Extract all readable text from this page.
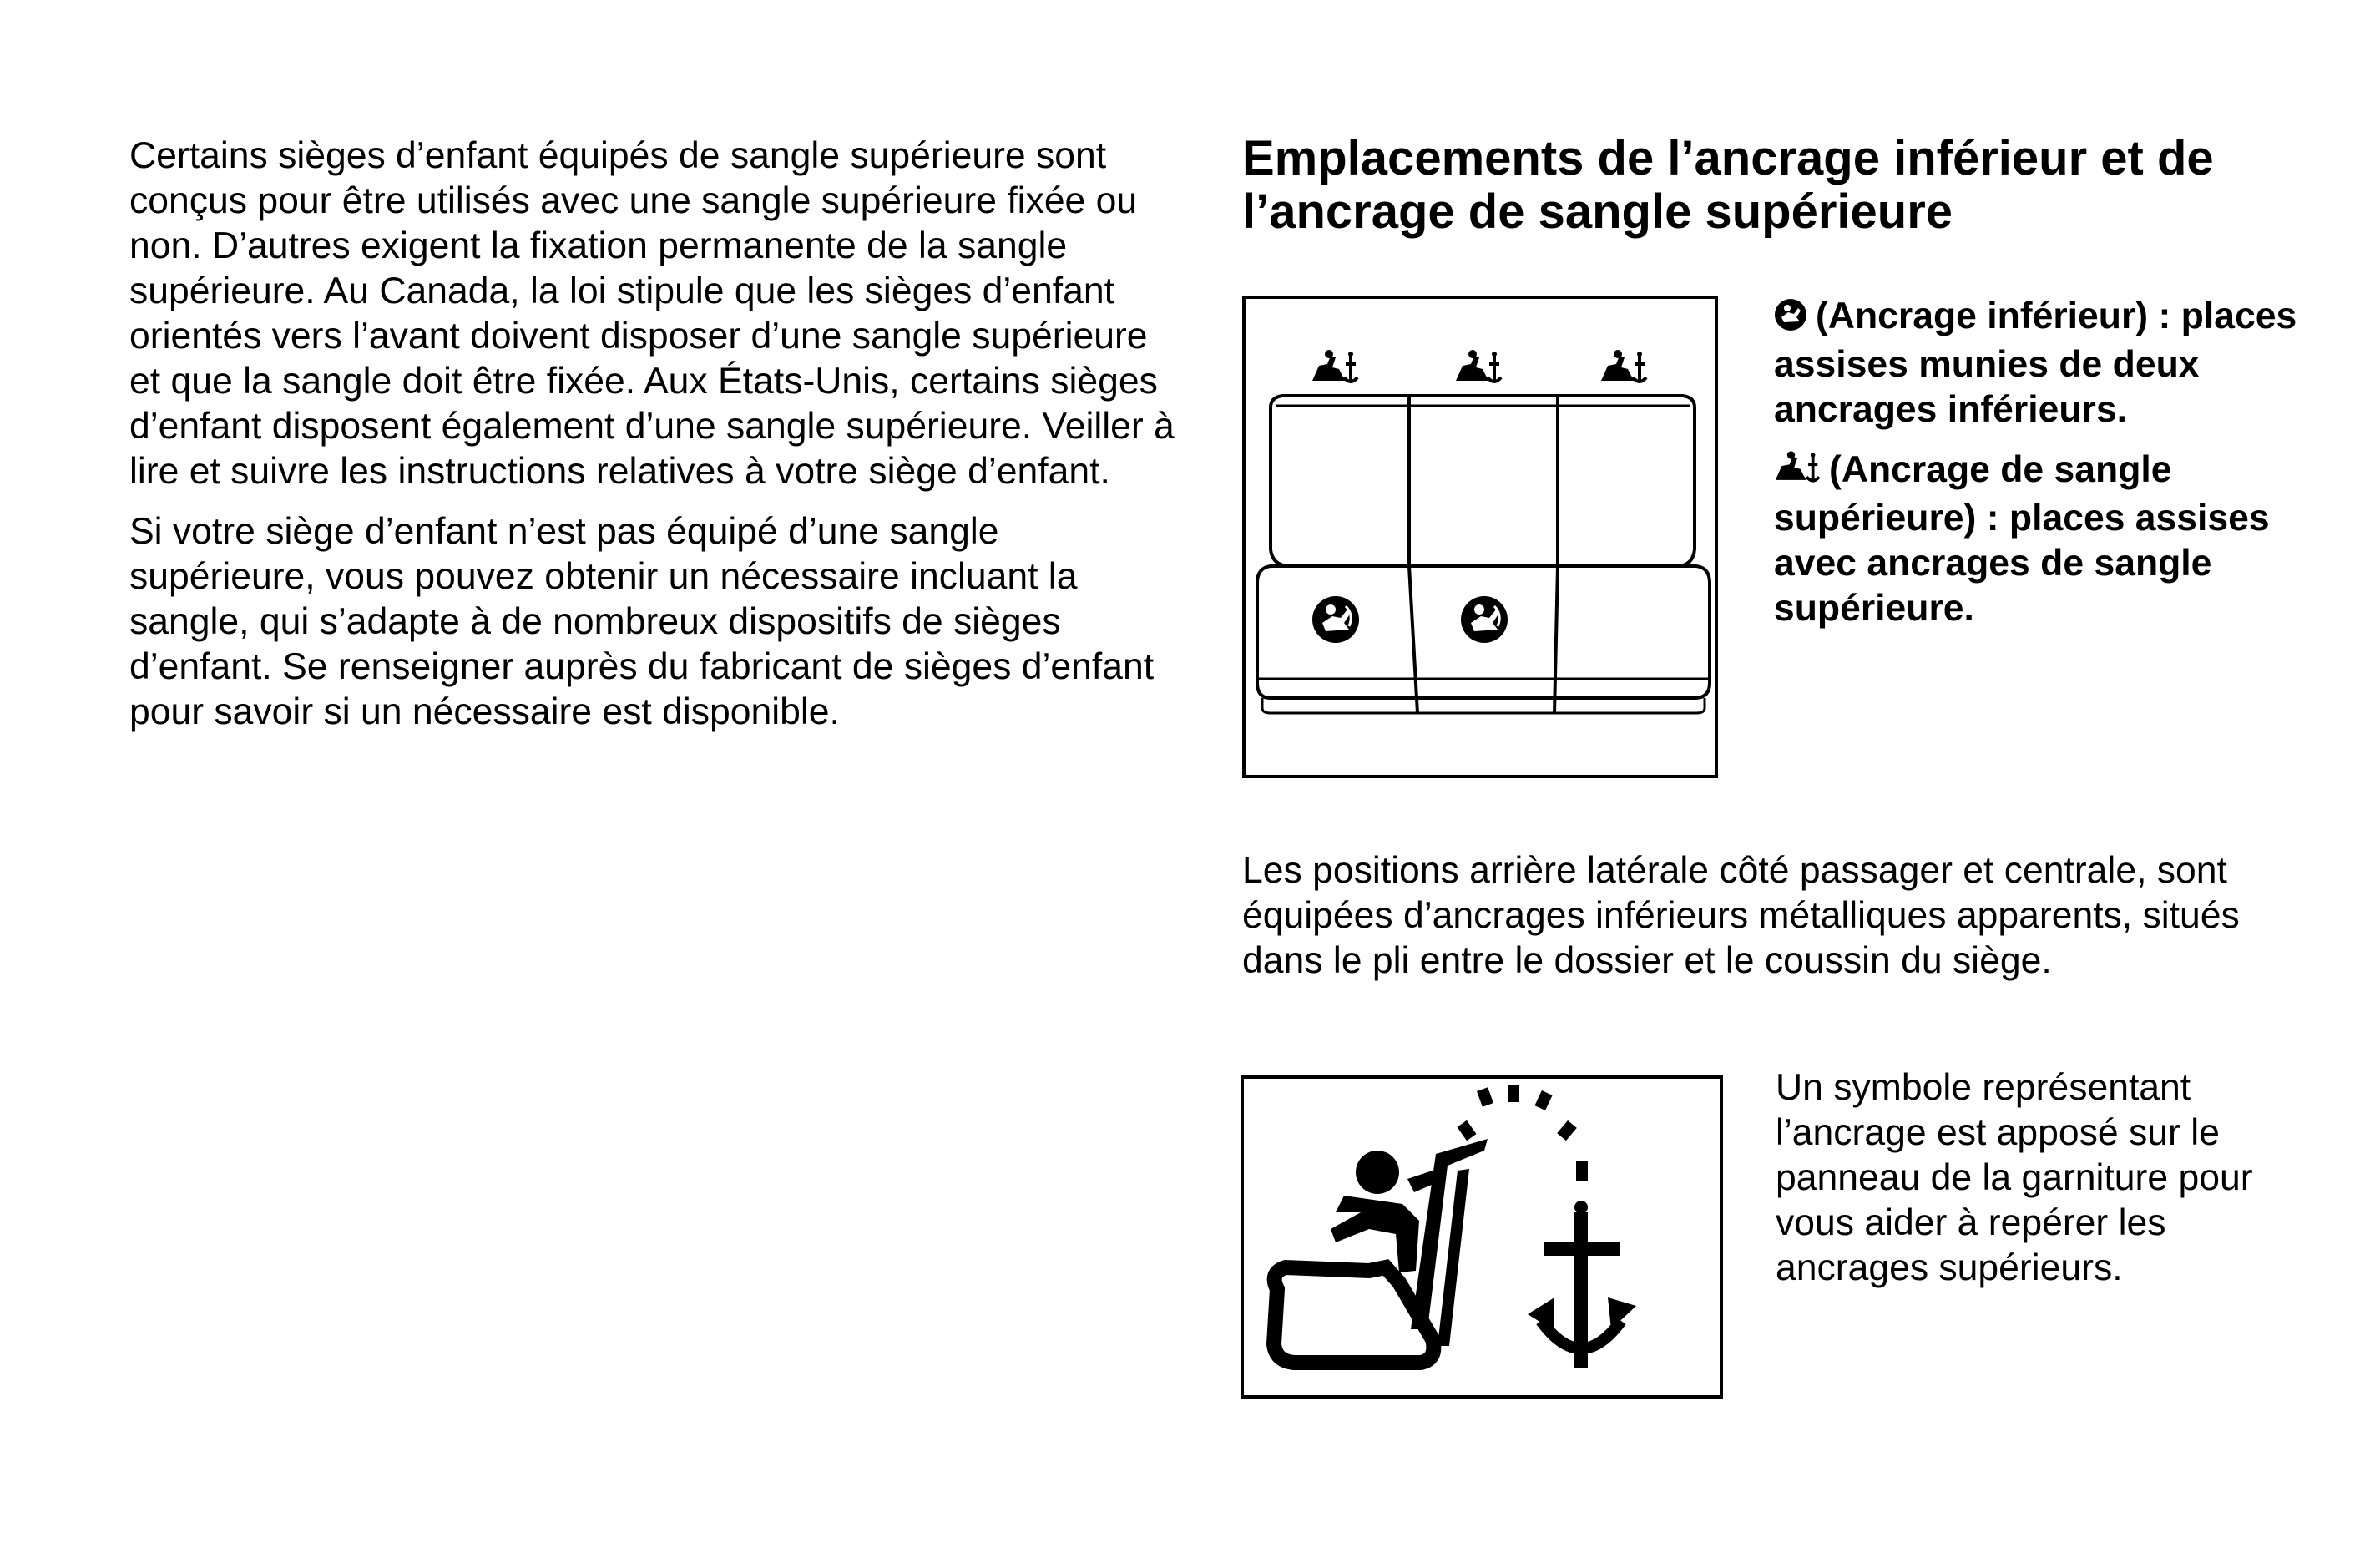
Certains sièges d’enfant équipés de sangle supérieure sont conçus pour être utilisés avec une sangle supérieure fixée ou non. D’autres exigent la fixation permanente de la sangle supérieure. Au Canada, la loi stipule que les sièges d’enfant orientés vers l’avant doivent disposer d’une sangle supérieure et que la sangle doit être fixée. Aux États-Unis, certains sièges d’enfant disposent également d’une sangle supérieure. Veiller à lire et suivre les instructions relatives à votre siège d’enfant.

Si votre siège d’enfant n’est pas équipé d’une sangle supérieure, vous pouvez obtenir un nécessaire incluant la sangle, qui s’adapte à de nombreux dispositifs de sièges d’enfant. Se renseigner auprès du fabricant de sièges d’enfant pour savoir si un nécessaire est disponible.

Emplacements de l’ancrage inférieur et de l’ancrage de sangle supérieure

(Ancrage inférieur) : places assises munies de deux ancrages inférieurs.

(Ancrage de sangle supérieure) : places assises avec ancrages de sangle supérieure.

Les positions arrière latérale côté passager et centrale, sont équipées d’ancrages inférieurs métalliques apparents, situés dans le pli entre le dossier et le coussin du siège.

Un symbole représentant l’ancrage est apposé sur le panneau de la garniture pour vous aider à repérer les ancrages supérieurs.
